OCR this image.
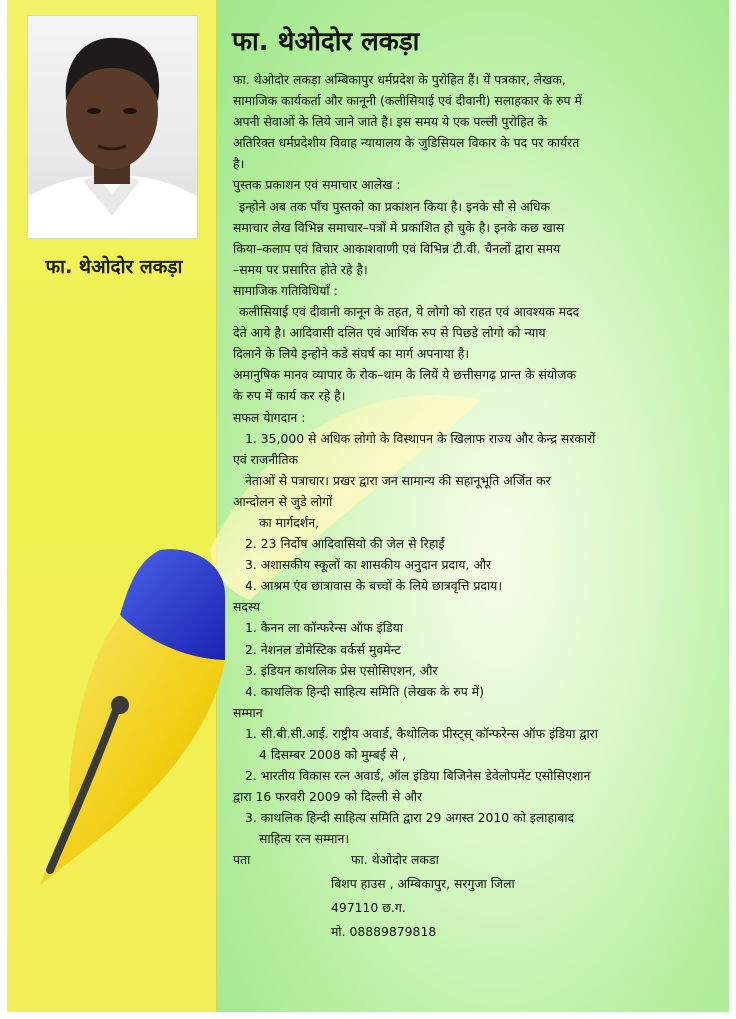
फा. थेओदोर लकड़ा
फा. थेओदोर लकड़ा

फा. थेओदोर लकड़ा अम्बिकापुर धर्मप्रदेश के पुरोहित हैं। यें पत्रकार, लेखक,

सामाजिक कार्यकर्ता और कानूनी (कलीसियाई एवं दीवानी) सलाहकार के रुप में

अपनी सेवाओं के लिये जाने जाते है। इस समय ये एक पल्ली पुरोहित के

अतिरिक्त धर्मप्रदेशीय विवाह न्यायालय के जुडिसियल विकार के पद पर कार्यरत

है।

पुस्तक प्रकाशन एवं समाचार आलेख :

इन्होने अब तक पाँच पुस्तको का प्रकाशन किया है। इनके सौ से अधिक

समाचार लेख विभिन्न समाचार–पत्रों मे प्रकाशित हो चुके है। इनके कछ खास

किया–कलाप एवं विचार आकाशवाणी एवं विभिन्न टी.वी. चैनलों द्वारा समय

–समय पर प्रसारित होते रहे है।

सामाजिक गतिविधियाँ :

कलीसियाई एवं दीवानी कानून के तहत, ये लोगो को राहत एवं आवश्यक मदद

देते आये है। आदिवासी दलित एवं आर्थिक रुप से पिछडे लोगो को न्याय

दिलाने के लिये इन्होने कडे संघर्ष का मार्ग अपनाया है।

अमानुषिक मानव व्यापार के रोक–थाम के लियें ये छत्तीसगढ़ प्रान्त के संयोजक

के रुप में कार्य कर रहे है।

सफल येागदान :

1. 35,000 से अधिक लोगो के विस्थापन के खिलाफ राज्य और केन्द्र सरकारों

एवं राजनीतिक

नेताओं से पत्राचार। प्रखर द्वारा जन सामान्य की सहानूभूति अर्जित कर

आन्दोलन से जुडे लोगों

का मार्गदर्शन,

2. 23 निर्दोष आदिवासियो की जेल से रिहाई

3. अशासकीय स्कूलों का शासकीय अनुदान प्रदाय, और

4. आश्रम एंव छात्रावास के बच्चों के लिये छात्रवृत्ति प्रदाय।

सदस्य

1. कैनन ला कॉन्फरेन्स ऑफ इंडिया

2. नेशनल डोमेस्टिक वर्कर्स मुवमेन्ट

3. इंडियन काथलिक प्रेस एसोसिएशन, और

4. काथलिक हिन्दी साहित्य समिति (लेखक के रुप में)

सम्मान

1. सी.बी.सी.आई. राष्ट्रीय अवार्ड, कैथोलिक प्रीस्ट्स् कॉन्फरेन्स ऑफ इंडिया द्वारा

4 दिसम्बर 2008 को मुम्बई से ,

2. भारतीय विकास रत्न अवार्ड, ऑल इंडिया बिजिनेस डेवेलोपमेंट एसोसिएशान

द्वारा 16 फरवरी 2009 को दिल्ली से और

3. काथलिक हिन्दी साहित्य समिति द्वारा 29 अगस्त 2010 को इलाहाबाद

साहित्य रत्न सम्मान।

पता	फा. थेओदोर लकडा
बिशप हाउस , अम्बिकापुर, सरगुजा जिला
497110 छ.ग.
मो. 08889879818
